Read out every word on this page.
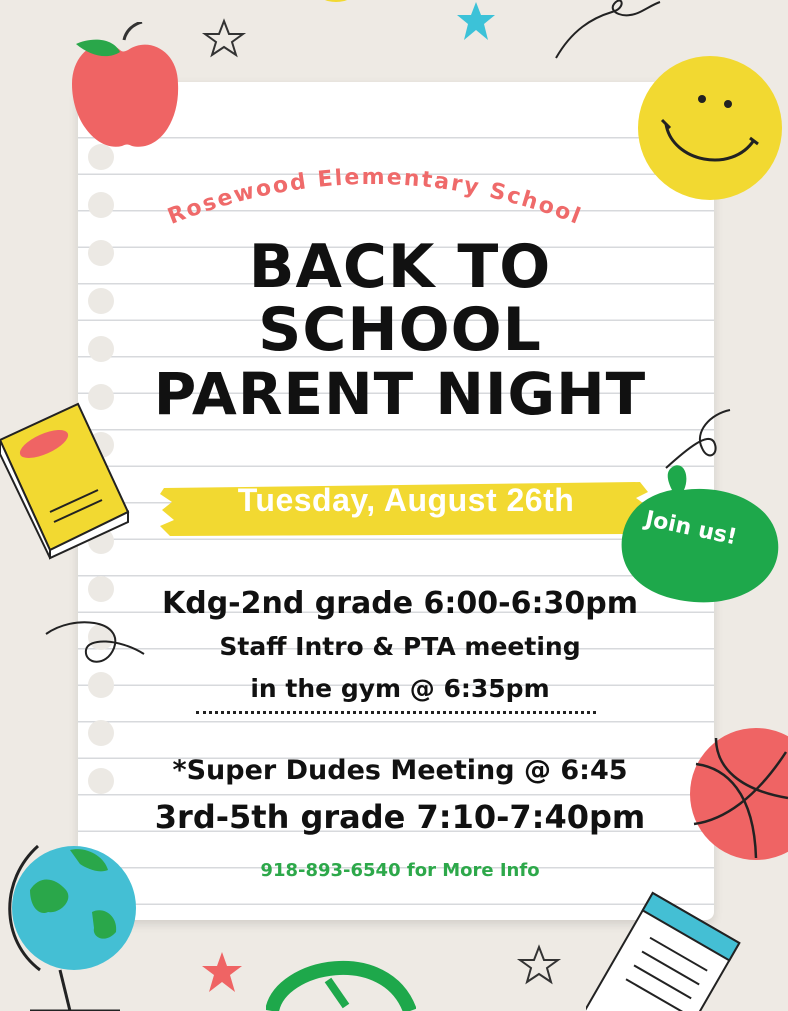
Rosewood Elementary School
BACK TO
SCHOOL
PARENT NIGHT
Tuesday, August 26th
Join us!
Kdg-2nd grade 6:00-6:30pm
Staff Intro & PTA meeting
in the gym @ 6:35pm
*Super Dudes Meeting @ 6:45
3rd-5th grade 7:10-7:40pm
918-893-6540 for More Info
